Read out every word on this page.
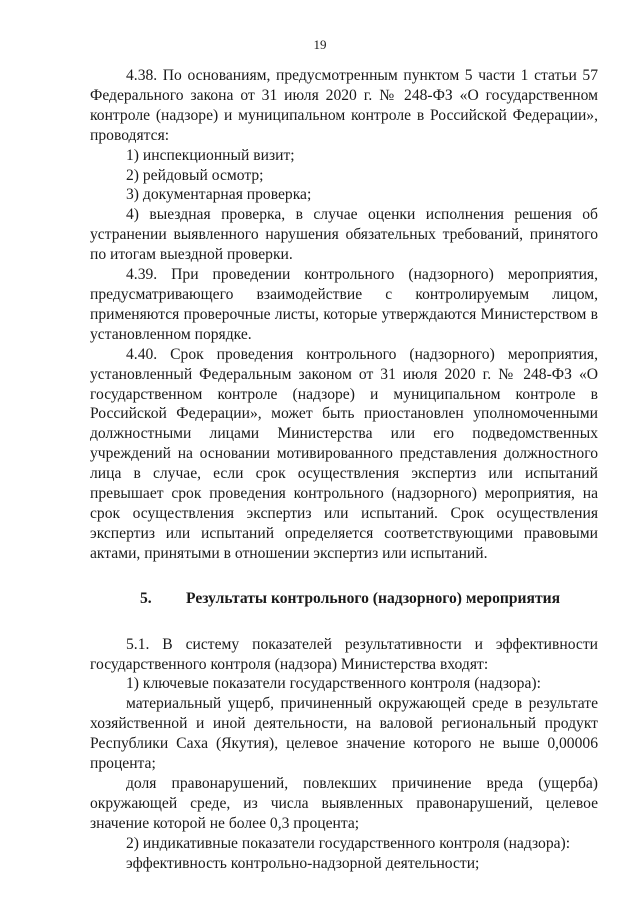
19

4.38. По основаниям, предусмотренным пунктом 5 части 1 статьи 57 Федерального закона от 31 июля 2020 г. № 248-ФЗ «О государственном контроле (надзоре) и муниципальном контроле в Российской Федерации», проводятся:

1) инспекционный визит;

2) рейдовый осмотр;

3) документарная проверка;

4) выездная проверка, в случае оценки исполнения решения об устранении выявленного нарушения обязательных требований, принятого по итогам выездной проверки.

4.39. При проведении контрольного (надзорного) мероприятия, предусматривающего взаимодействие с контролируемым лицом, применяются проверочные листы, которые утверждаются Министерством в установленном порядке.

4.40. Срок проведения контрольного (надзорного) мероприятия, установленный Федеральным законом от 31 июля 2020 г. № 248-ФЗ «О государственном контроле (надзоре) и муниципальном контроле в Российской Федерации», может быть приостановлен уполномоченными должностными лицами Министерства или его подведомственных учреждений на основании мотивированного представления должностного лица в случае, если срок осуществления экспертиз или испытаний превышает срок проведения контрольного (надзорного) мероприятия, на срок осуществления экспертиз или испытаний. Срок осуществления экспертиз или испытаний определяется соответствующими правовыми актами, принятыми в отношении экспертиз или испытаний.

5. Результаты контрольного (надзорного) мероприятия

5.1. В систему показателей результативности и эффективности государственного контроля (надзора) Министерства входят:

1) ключевые показатели государственного контроля (надзора):

материальный ущерб, причиненный окружающей среде в результате хозяйственной и иной деятельности, на валовой региональный продукт Республики Саха (Якутия), целевое значение которого не выше 0,00006 процента;

доля правонарушений, повлекших причинение вреда (ущерба) окружающей среде, из числа выявленных правонарушений, целевое значение которой не более 0,3 процента;

2) индикативные показатели государственного контроля (надзора):

эффективность контрольно-надзорной деятельности;
